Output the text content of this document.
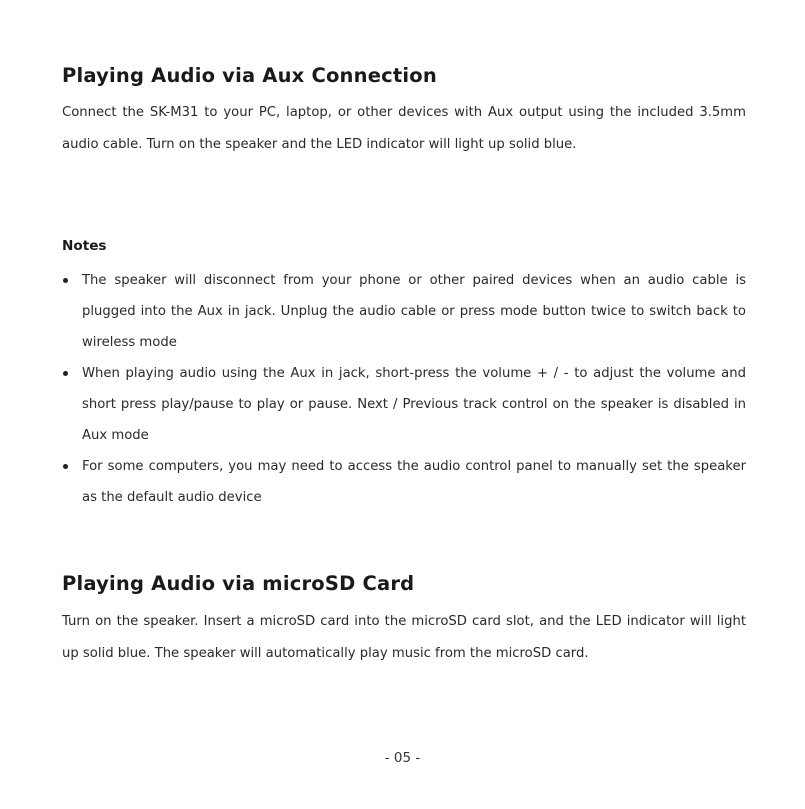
Playing Audio via Aux Connection

Connect the SK-M31 to your PC, laptop, or other devices with Aux output using the included 3.5mm audio cable. Turn on the speaker and the LED indicator will light up solid blue.

Notes
The speaker will disconnect from your phone or other paired devices when an audio cable is plugged into the Aux in jack. Unplug the audio cable or press mode button twice to switch back to wireless mode
When playing audio using the Aux in jack, short-press the volume + / - to adjust the volume and short press play/pause to play or pause. Next / Previous track control on the speaker is disabled in Aux mode
For some computers, you may need to access the audio control panel to manually set the speaker as the default audio device
Playing Audio via microSD Card

Turn on the speaker. Insert a microSD card into the microSD card slot, and the LED indicator will light up solid blue. The speaker will automatically play music from the microSD card.

- 05 -
